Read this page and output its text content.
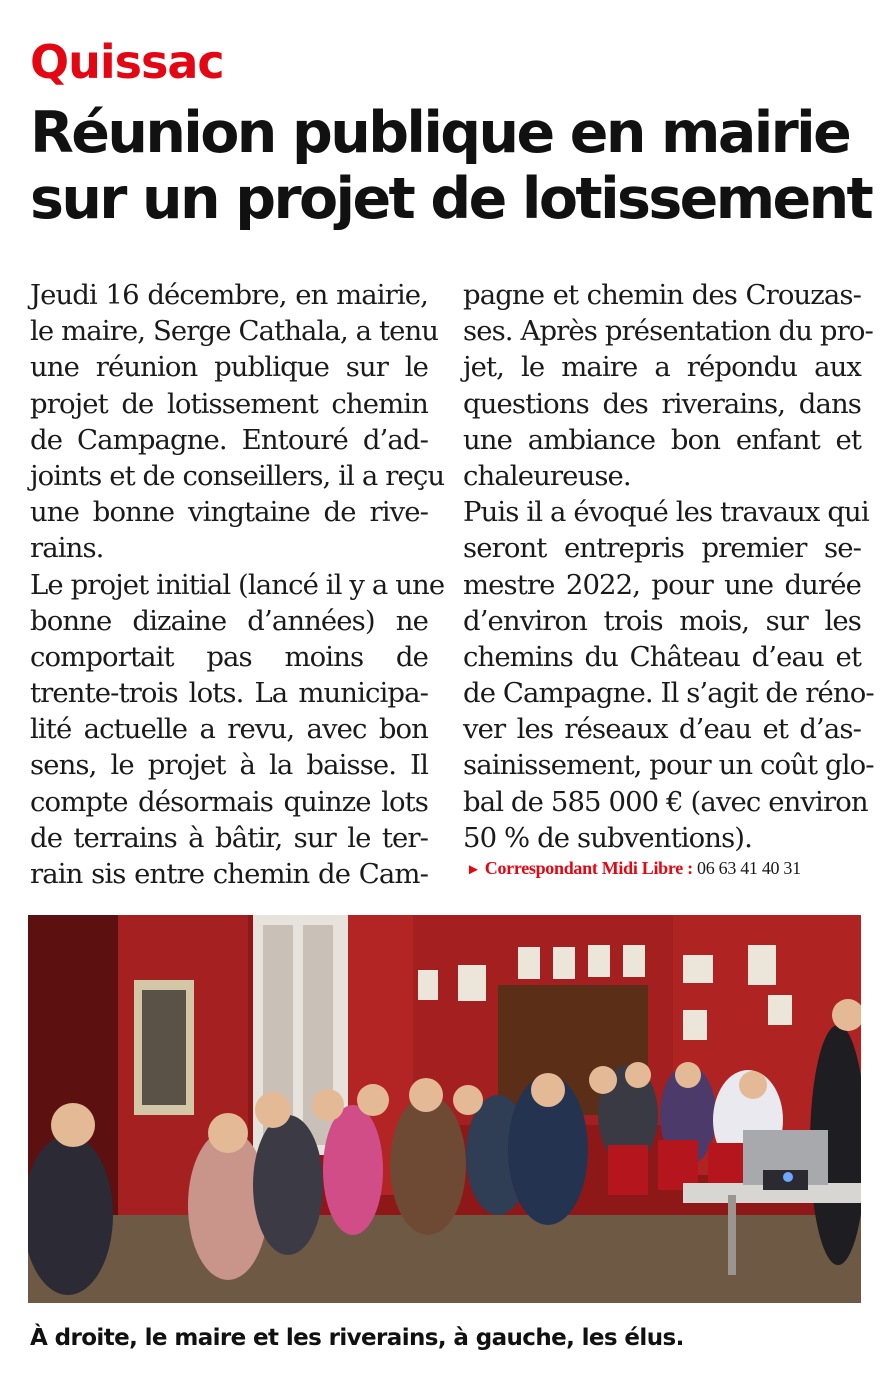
Quissac
Réunion publique en mairie
sur un projet de lotissement
Jeudi 16 décembre, en mairie,
le maire, Serge Cathala, a tenu
une réunion publique sur le
projet de lotissement chemin
de Campagne. Entouré d’ad-
joints et de conseillers, il a reçu
une bonne vingtaine de rive-
rains.
Le projet initial (lancé il y a une
bonne dizaine d’années) ne
comportait pas moins de
trente-trois lots. La municipa-
lité actuelle a revu, avec bon
sens, le projet à la baisse. Il
compte désormais quinze lots
de terrains à bâtir, sur le ter-
rain sis entre chemin de Cam-
pagne et chemin des Crouzas-
ses. Après présentation du pro-
jet, le maire a répondu aux
questions des riverains, dans
une ambiance bon enfant et
chaleureuse.
Puis il a évoqué les travaux qui
seront entrepris premier se-
mestre 2022, pour une durée
d’environ trois mois, sur les
chemins du Château d’eau et
de Campagne. Il s’agit de réno-
ver les réseaux d’eau et d’as-
sainissement, pour un coût glo-
bal de 585 000 € (avec environ
50 % de subventions).
► Correspondant Midi Libre : 06 63 41 40 31
À droite, le maire et les riverains, à gauche, les élus.
